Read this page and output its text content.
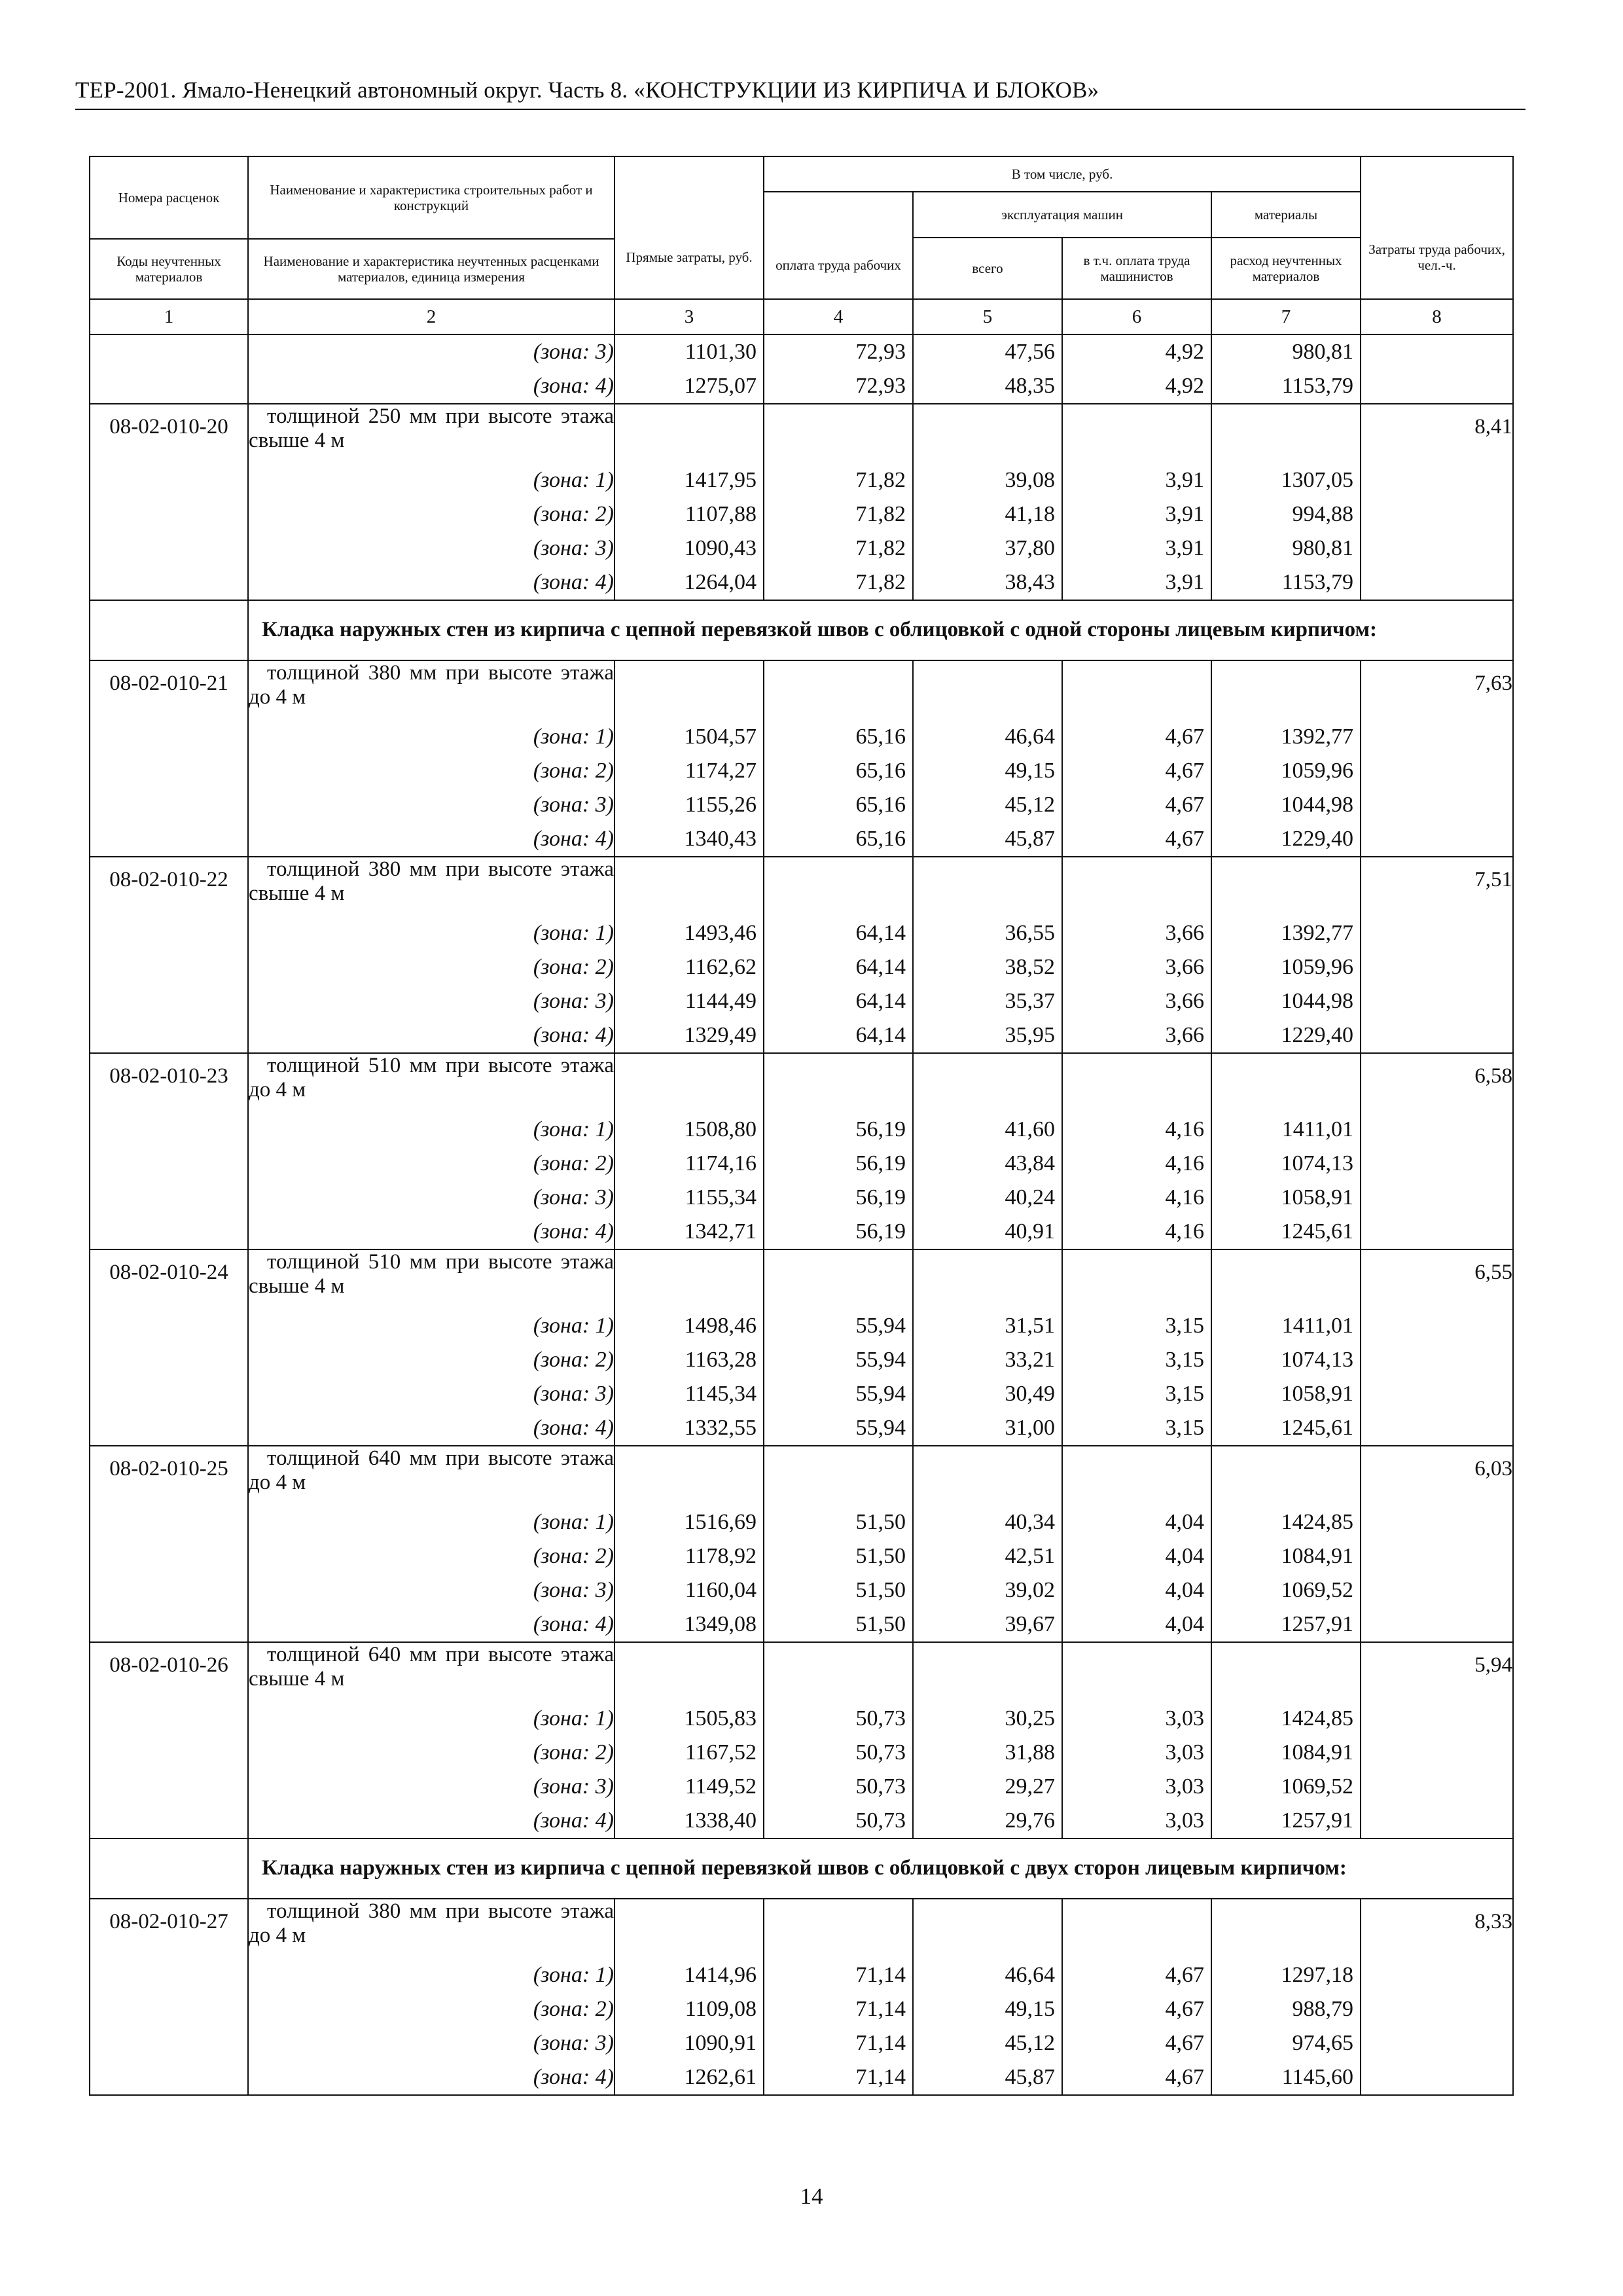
ТЕР-2001. Ямало-Ненецкий автономный округ. Часть 8. «КОНСТРУКЦИИ ИЗ КИРПИЧА И БЛОКОВ»
Номера расценок	Наименование и характеристика строительных работ и конструкций	Прямые затраты, руб.	В том числе, руб.				Затраты труда рабочих, чел.-ч.
			оплата труда рабочих	эксплуатация машин		материалы	
				всего	в т.ч. оплата труда машинистов	расход неучтенных материалов	
Коды неучтенных материалов	Наименование и характеристика неучтенных расценками материалов, единица измерения						
1	2	3	4	5	6	7	8
	(зона: 3)	1101,30	72,93	47,56	4,92	980,81	
	(зона: 4)	1275,07	72,93	48,35	4,92	1153,79	
08-02-010-20	толщиной 250 мм при высоте этажа свыше 4 м						8,41
	(зона: 1)	1417,95	71,82	39,08	3,91	1307,05	
	(зона: 2)	1107,88	71,82	41,18	3,91	994,88	
	(зона: 3)	1090,43	71,82	37,80	3,91	980,81	
	(зона: 4)	1264,04	71,82	38,43	3,91	1153,79	
	Кладка наружных стен из кирпича с цепной перевязкой швов с облицовкой с одной стороны лицевым кирпичом:						
08-02-010-21	толщиной 380 мм при высоте этажа до 4 м						7,63
	(зона: 1)	1504,57	65,16	46,64	4,67	1392,77	
	(зона: 2)	1174,27	65,16	49,15	4,67	1059,96	
	(зона: 3)	1155,26	65,16	45,12	4,67	1044,98	
	(зона: 4)	1340,43	65,16	45,87	4,67	1229,40	
08-02-010-22	толщиной 380 мм при высоте этажа свыше 4 м						7,51
	(зона: 1)	1493,46	64,14	36,55	3,66	1392,77	
	(зона: 2)	1162,62	64,14	38,52	3,66	1059,96	
	(зона: 3)	1144,49	64,14	35,37	3,66	1044,98	
	(зона: 4)	1329,49	64,14	35,95	3,66	1229,40	
08-02-010-23	толщиной 510 мм при высоте этажа до 4 м						6,58
	(зона: 1)	1508,80	56,19	41,60	4,16	1411,01	
	(зона: 2)	1174,16	56,19	43,84	4,16	1074,13	
	(зона: 3)	1155,34	56,19	40,24	4,16	1058,91	
	(зона: 4)	1342,71	56,19	40,91	4,16	1245,61	
08-02-010-24	толщиной 510 мм при высоте этажа свыше 4 м						6,55
	(зона: 1)	1498,46	55,94	31,51	3,15	1411,01	
	(зона: 2)	1163,28	55,94	33,21	3,15	1074,13	
	(зона: 3)	1145,34	55,94	30,49	3,15	1058,91	
	(зона: 4)	1332,55	55,94	31,00	3,15	1245,61	
08-02-010-25	толщиной 640 мм при высоте этажа до 4 м						6,03
	(зона: 1)	1516,69	51,50	40,34	4,04	1424,85	
	(зона: 2)	1178,92	51,50	42,51	4,04	1084,91	
	(зона: 3)	1160,04	51,50	39,02	4,04	1069,52	
	(зона: 4)	1349,08	51,50	39,67	4,04	1257,91	
08-02-010-26	толщиной 640 мм при высоте этажа свыше 4 м						5,94
	(зона: 1)	1505,83	50,73	30,25	3,03	1424,85	
	(зона: 2)	1167,52	50,73	31,88	3,03	1084,91	
	(зона: 3)	1149,52	50,73	29,27	3,03	1069,52	
	(зона: 4)	1338,40	50,73	29,76	3,03	1257,91	
	Кладка наружных стен из кирпича с цепной перевязкой швов с облицовкой с двух сторон лицевым кирпичом:						
08-02-010-27	толщиной 380 мм при высоте этажа до 4 м						8,33
	(зона: 1)	1414,96	71,14	46,64	4,67	1297,18	
	(зона: 2)	1109,08	71,14	49,15	4,67	988,79	
	(зона: 3)	1090,91	71,14	45,12	4,67	974,65	
	(зона: 4)	1262,61	71,14	45,87	4,67	1145,60	
14
